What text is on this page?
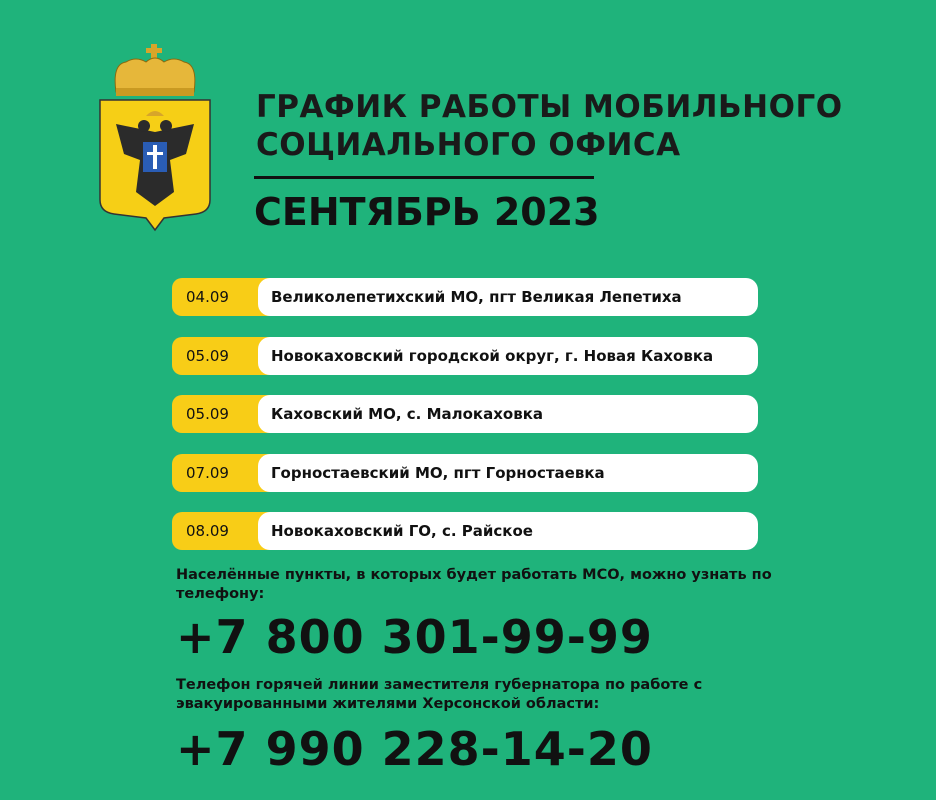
ГРАФИК РАБОТЫ МОБИЛЬНОГО
СОЦИАЛЬНОГО ОФИСА
СЕНТЯБРЬ 2023
04.09	Великолепетихский МО, пгт Великая Лепетиха
05.09	Новокаховский городской округ, г. Новая Каховка
05.09	Каховский МО, с. Малокаховка
07.09	Горностаевский МО, пгт Горностаевка
08.09	Новокаховский ГО, с. Райское
Населённые пункты, в которых будет работать МСО, можно узнать по телефону:
+7 800 301-99-99
Телефон горячей линии заместителя губернатора по работе с эвакуированными жителями Херсонской области:
+7 990 228-14-20
